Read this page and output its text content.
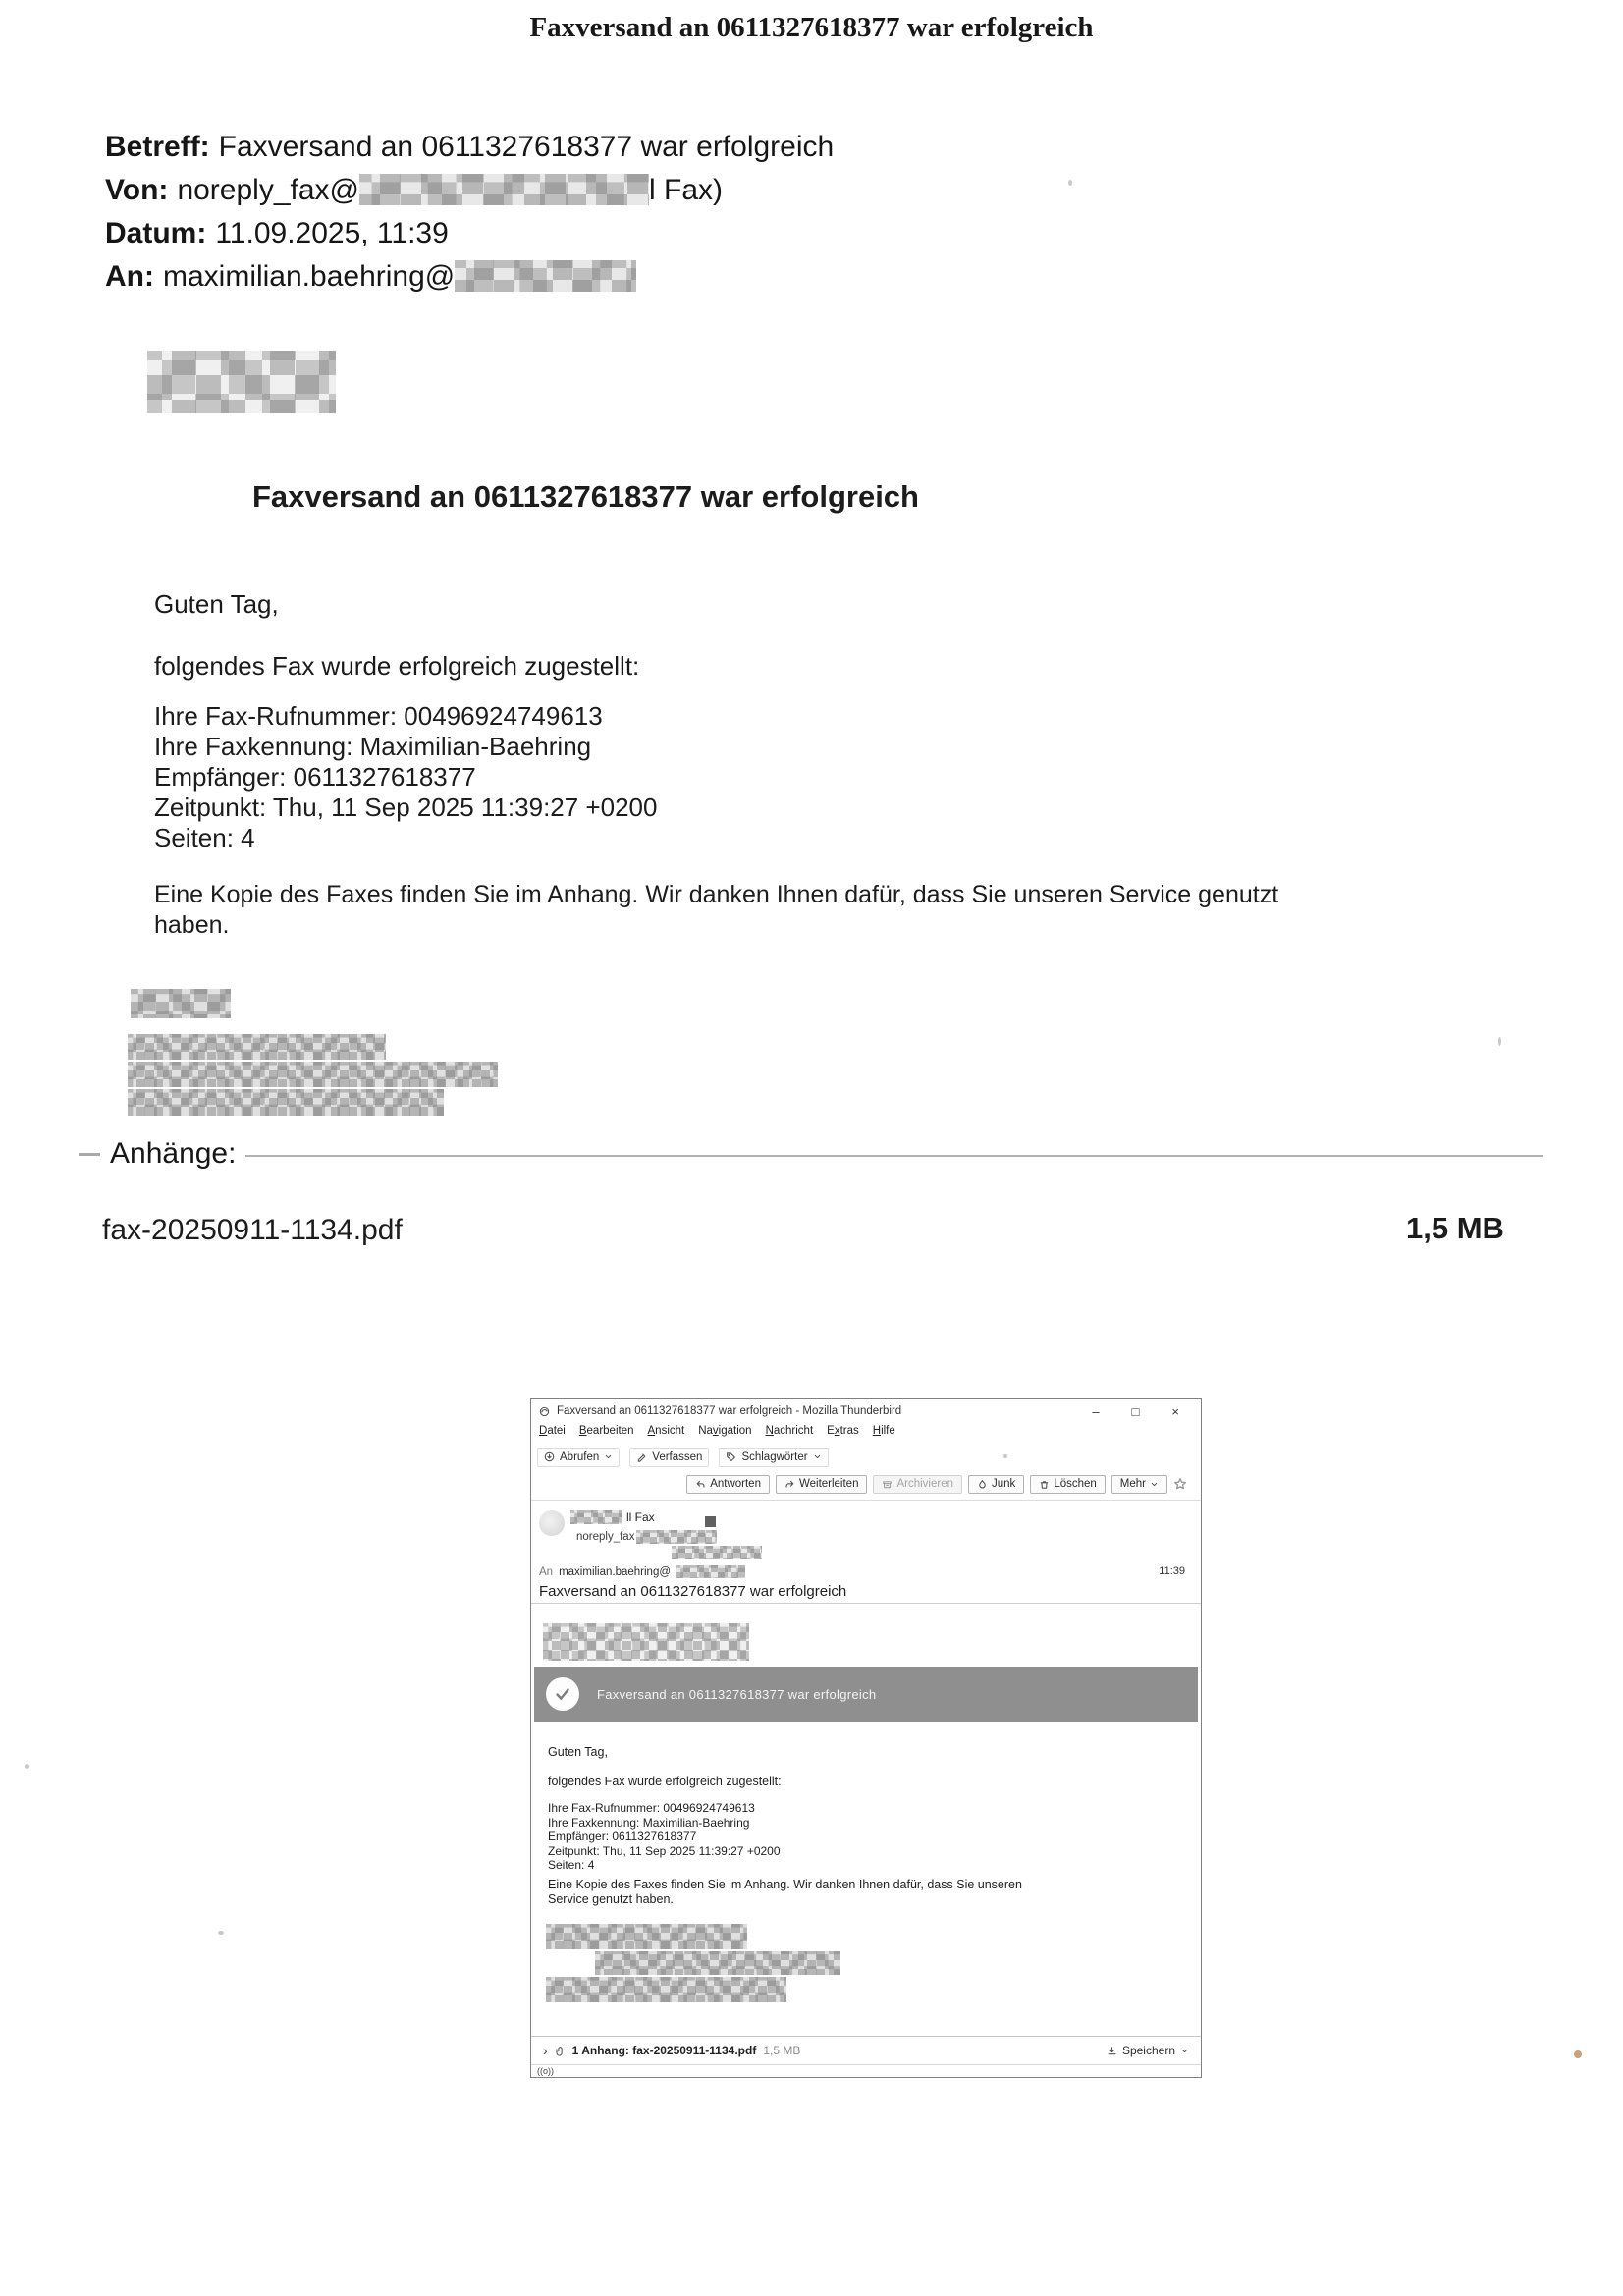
Faxversand an 0611327618377 war erfolgreich
Betreff: Faxversand an 0611327618377 war erfolgreich
Von: noreply_fax@	l Fax)
Datum: 11.09.2025, 11:39
An: maximilian.baehring@
Faxversand an 0611327618377 war erfolgreich
Guten Tag,
folgendes Fax wurde erfolgreich zugestellt:
Ihre Fax-Rufnummer: 00496924749613
Ihre Faxkennung: Maximilian-Baehring
Empfänger: 0611327618377
Zeitpunkt: Thu, 11 Sep 2025 11:39:27 +0200
Seiten: 4
Eine Kopie des Faxes finden Sie im Anhang. Wir danken Ihnen dafür, dass Sie unseren Service genutzt
haben.
Anhänge:
fax-20250911-1134.pdf	1,5 MB
Faxversand an 0611327618377 war erfolgreich - Mozilla Thunderbird	–	□	×
Datei Bearbeiten Ansicht Navigation Nachricht Extras Hilfe
Abrufen	Verfassen	Schlagwörter
Antworten	Weiterleiten	Archivieren	Junk	Löschen Mehr
ll Fax
noreply_fax
An maximilian.baehring@	11:39
Faxversand an 0611327618377 war erfolgreich
Faxversand an 0611327618377 war erfolgreich
Guten Tag,
folgendes Fax wurde erfolgreich zugestellt:
Ihre Fax-Rufnummer: 00496924749613
Ihre Faxkennung: Maximilian-Baehring
Empfänger: 0611327618377
Zeitpunkt: Thu, 11 Sep 2025 11:39:27 +0200
Seiten: 4
Eine Kopie des Faxes finden Sie im Anhang. Wir danken Ihnen dafür, dass Sie unseren
Service genutzt haben.
› 1 Anhang: fax-20250911-1134.pdf 1,5 MB	Speichern
((o))
